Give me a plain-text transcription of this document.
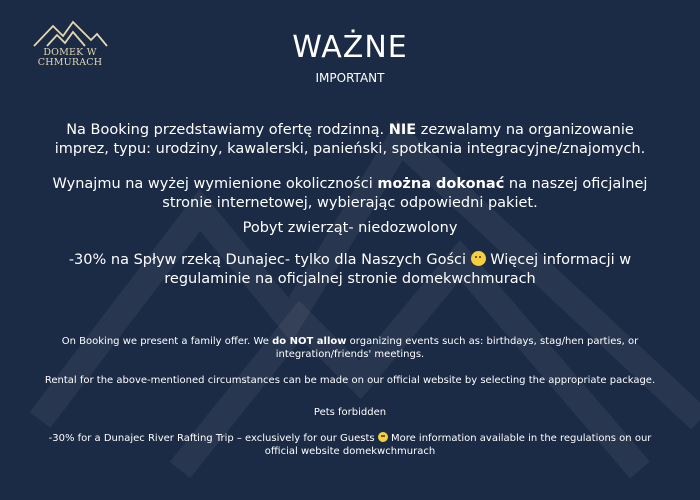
DOMEK W
CHMURACH	WAŻNE
IMPORTANT
Na Booking przedstawiamy ofertę rodzinną. NIE zezwalamy na organizowanie imprez, typu: urodziny, kawalerski, panieński, spotkania integracyjne/znajomych.
Wynajmu na wyżej wymienione okoliczności można dokonać na naszej oficjalnej stronie internetowej, wybierając odpowiedni pakiet.
Pobyt zwierząt- niedozwolony
-30% na Spływ rzeką Dunajec- tylko dla Naszych Gości  Więcej informacji w regulaminie na oficjalnej stronie domekwchmurach
On Booking we present a family offer. We do NOT allow organizing events such as: birthdays, stag/hen parties, or integration/friends' meetings.
Rental for the above-mentioned circumstances can be made on our official website by selecting the appropriate package.
Pets forbidden
-30% for a Dunajec River Rafting Trip – exclusively for our Guests  More information available in the regulations on our official website domekwchmurach
